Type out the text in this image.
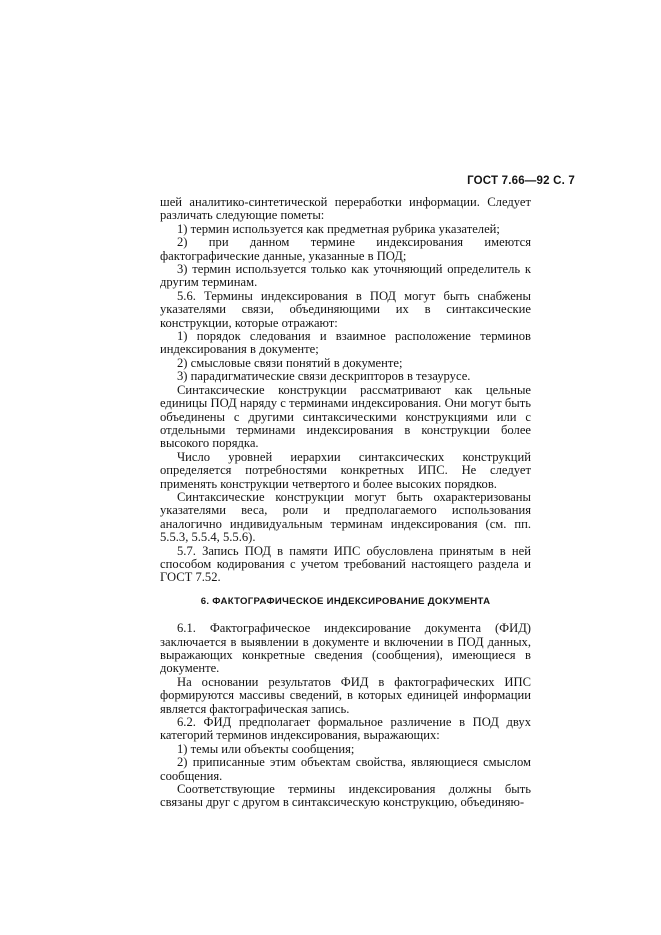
ГОСТ 7.66—92 С. 7

шей аналитико-синтетической переработки информации. Следует различать следующие пометы:

1) термин используется как предметная рубрика указателей;

2) при данном термине индексирования имеются фактографические данные, указанные в ПОД;

3) термин используется только как уточняющий определитель к другим терминам.

5.6. Термины индексирования в ПОД могут быть снабжены указателями связи, объединяющими их в синтаксические конструкции, которые отражают:

1) порядок следования и взаимное расположение терминов индексирования в документе;

2) смысловые связи понятий в документе;

3) парадигматические связи дескрипторов в тезаурусе.

Синтаксические конструкции рассматривают как цельные единицы ПОД наряду с терминами индексирования. Они могут быть объединены с другими синтаксическими конструкциями или с отдельными терминами индексирования в конструкции более высокого порядка.

Число уровней иерархии синтаксических конструкций определяется потребностями конкретных ИПС. Не следует применять конструкции четвертого и более высоких порядков.

Синтаксические конструкции могут быть охарактеризованы указателями веса, роли и предполагаемого использования аналогично индивидуальным терминам индексирования (см. пп. 5.5.3, 5.5.4, 5.5.6).

5.7. Запись ПОД в памяти ИПС обусловлена принятым в ней способом кодирования с учетом требований настоящего раздела и ГОСТ 7.52.

6. ФАКТОГРАФИЧЕСКОЕ ИНДЕКСИРОВАНИЕ ДОКУМЕНТА

6.1. Фактографическое индексирование документа (ФИД) заключается в выявлении в документе и включении в ПОД данных, выражающих конкретные сведения (сообщения), имеющиеся в документе.

На основании результатов ФИД в фактографических ИПС формируются массивы сведений, в которых единицей информации является фактографическая запись.

6.2. ФИД предполагает формальное различение в ПОД двух категорий терминов индексирования, выражающих:

1) темы или объекты сообщения;

2) приписанные этим объектам свойства, являющиеся смыслом сообщения.

Соответствующие термины индексирования должны быть связаны друг с другом в синтаксическую конструкцию, объединяю-
